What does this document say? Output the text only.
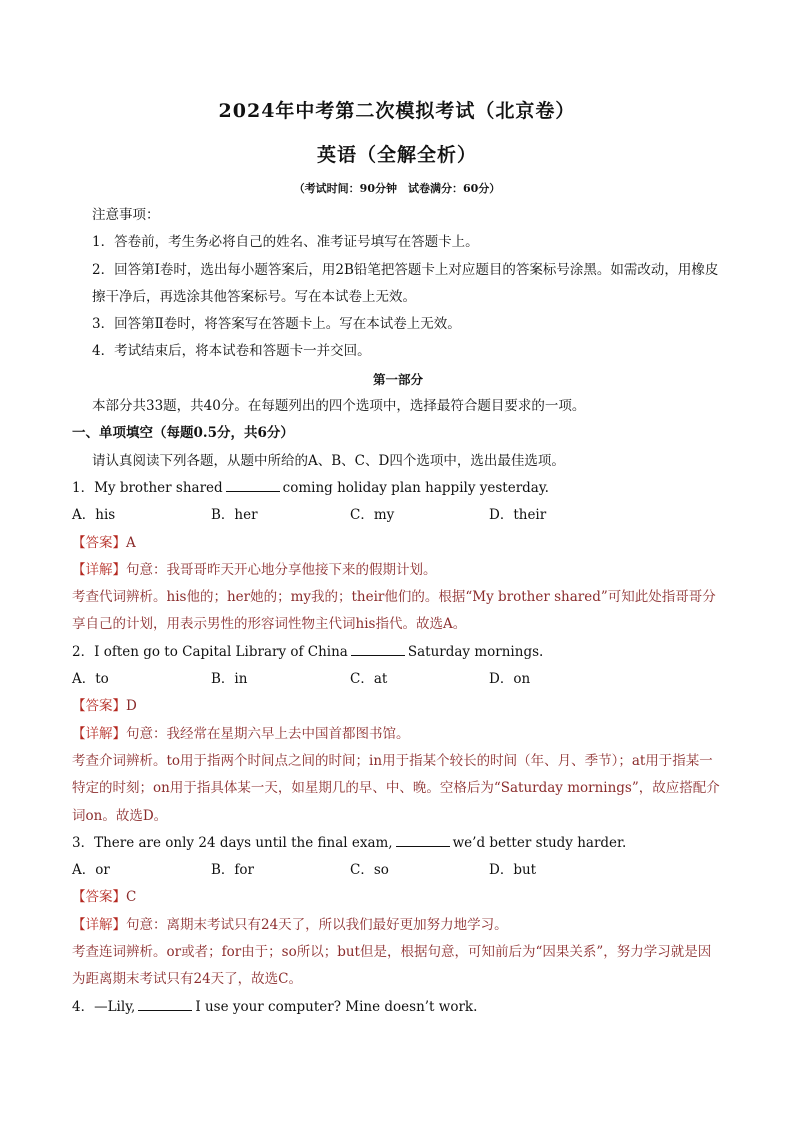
2024年中考第二次模拟考试（北京卷）
英语（全解全析）
（考试时间：90分钟　试卷满分：60分）
注意事项：
1．答卷前，考生务必将自己的姓名、准考证号填写在答题卡上。
2．回答第Ⅰ卷时，选出每小题答案后，用2B铅笔把答题卡上对应题目的答案标号涂黑。如需改动，用橡皮擦干净后，再选涂其他答案标号。写在本试卷上无效。
3．回答第Ⅱ卷时，将答案写在答题卡上。写在本试卷上无效。
4．考试结束后，将本试卷和答题卡一并交回。
第一部分
本部分共33题，共40分。在每题列出的四个选项中，选择最符合题目要求的一项。
一、单项填空（每题0.5分，共6分）
请认真阅读下列各题，从题中所给的A、B、C、D四个选项中，选出最佳选项。
1．My brother shared	coming holiday plan happily yesterday.
A．his	B．her	C．my	D．their
【答案】A
【详解】句意：我哥哥昨天开心地分享他接下来的假期计划。
考查代词辨析。his他的；her她的；my我的；their他们的。根据“My brother shared”可知此处指哥哥分享自己的计划，用表示男性的形容词性物主代词his指代。故选A。
2．I often go to Capital Library of China	Saturday mornings.
A．to	B．in	C．at	D．on
【答案】D
【详解】句意：我经常在星期六早上去中国首都图书馆。
考查介词辨析。to用于指两个时间点之间的时间；in用于指某个较长的时间（年、月、季节）；at用于指某一特定的时刻；on用于指具体某一天，如星期几的早、中、晚。空格后为“Saturday mornings”，故应搭配介词on。故选D。
3．There are only 24 days until the final exam,	we’d better study harder.
A．or	B．for	C．so	D．but
【答案】C
【详解】句意：离期末考试只有24天了，所以我们最好更加努力地学习。
考查连词辨析。or或者；for由于；so所以；but但是，根据句意，可知前后为“因果关系”，努力学习就是因为距离期末考试只有24天了，故选C。
4．—Lily,	I use your computer? Mine doesn’t work.
